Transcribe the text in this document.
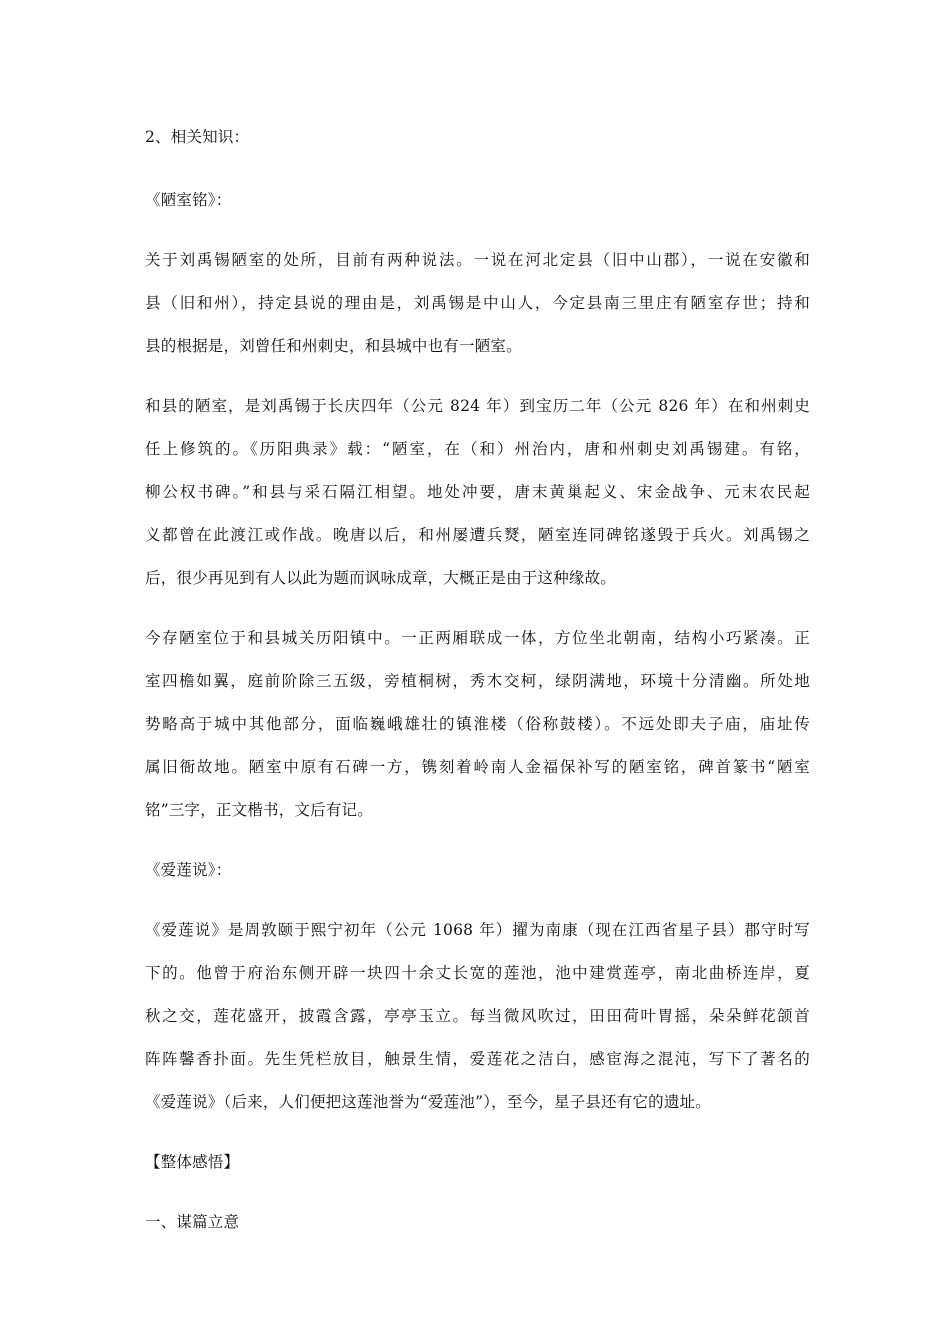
2、相关知识：
《陋室铭》：
关于刘禹锡陋室的处所，目前有两种说法。一说在河北定县（旧中山郡），一说在安徽和
县（旧和州），持定县说的理由是，刘禹锡是中山人，今定县南三里庄有陋室存世；持和
县的根据是，刘曾任和州刺史，和县城中也有一陋室。
和县的陋室，是刘禹锡于长庆四年（公元 824 年）到宝历二年（公元 826 年）在和州刺史
任上修筑的。《历阳典录》载：“陋室，在（和）州治内，唐和州刺史刘禹锡建。有铭，
柳公权书碑。”和县与采石隔江相望。地处冲要，唐末黄巢起义、宋金战争、元末农民起
义都曾在此渡江或作战。晚唐以后，和州屡遭兵燹，陋室连同碑铭遂毁于兵火。刘禹锡之
后，很少再见到有人以此为题而讽咏成章，大概正是由于这种缘故。
今存陋室位于和县城关历阳镇中。一正两厢联成一体，方位坐北朝南，结构小巧紧凑。正
室四檐如翼，庭前阶除三五级，旁植桐树，秀木交柯，绿阴满地，环境十分清幽。所处地
势略高于城中其他部分，面临巍峨雄壮的镇淮楼（俗称鼓楼）。不远处即夫子庙，庙址传
属旧衙故地。陋室中原有石碑一方，镌刻着岭南人金福保补写的陋室铭，碑首篆书“陋室
铭”三字，正文楷书，文后有记。
《爱莲说》：
《爱莲说》是周敦颐于熙宁初年（公元 1068 年）擢为南康（现在江西省星子县）郡守时写
下的。他曾于府治东侧开辟一块四十余丈长宽的莲池，池中建赏莲亭，南北曲桥连岸，夏
秋之交，莲花盛开，披霞含露，亭亭玉立。每当微风吹过，田田荷叶胃摇，朵朵鲜花颌首
阵阵馨香扑面。先生凭栏放目，触景生情，爱莲花之洁白，感宦海之混沌，写下了著名的
《爱莲说》（后来，人们便把这莲池誉为“爱莲池”），至今，星子县还有它的遗址。
【整体感悟】
一、谋篇立意
